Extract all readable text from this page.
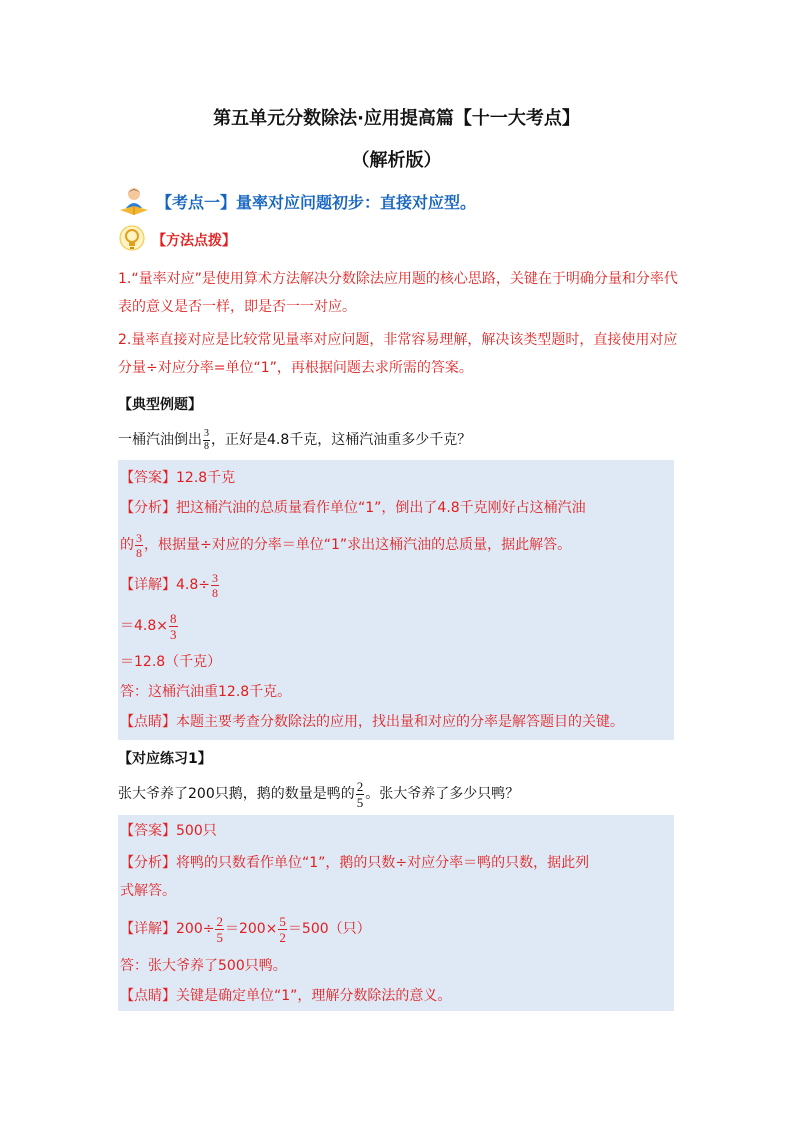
第五单元分数除法·应用提高篇【十一大考点】
（解析版）
【考点一】量率对应问题初步：直接对应型。
【方法点拨】
1.“量率对应”是使用算术方法解决分数除法应用题的核心思路，关键在于明确分量和分率代表的意义是否一样，即是否一一对应。
2.量率直接对应是比较常见量率对应问题，非常容易理解，解决该类型题时，直接使用对应分量÷对应分率=单位“1”，再根据问题去求所需的答案。
【典型例题】
一桶汽油倒出 $\frac{3}{8}$ ，正好是4.8千克，这桶汽油重多少千克？
【答案】12.8千克
【分析】把这桶汽油的总质量看作单位“1”，倒出了4.8千克刚好占这桶汽油
的 $\frac{3}{8}$ ，根据量÷对应的分率＝单位“1”求出这桶汽油的总质量，据此解答。
【详解】$4.8\div \frac{3}{8}$
$=4.8\times \frac{8}{3}$
＝12.8（千克）
答：这桶汽油重12.8千克。
【点睛】本题主要考查分数除法的应用，找出量和对应的分率是解答题目的关键。
【对应练习1】
张大爷养了200只鹅，鹅的数量是鸭的 $\frac{2}{5}$ 。张大爷养了多少只鸭？
【答案】500只
【分析】将鸭的只数看作单位“1”，鹅的只数÷对应分率＝鸭的只数，据此列
式解答。
【详解】$200\div \frac{2}{5} =200\times \frac{5}{2} =500$（只）
答：张大爷养了500只鸭。
【点睛】关键是确定单位“1”，理解分数除法的意义。
